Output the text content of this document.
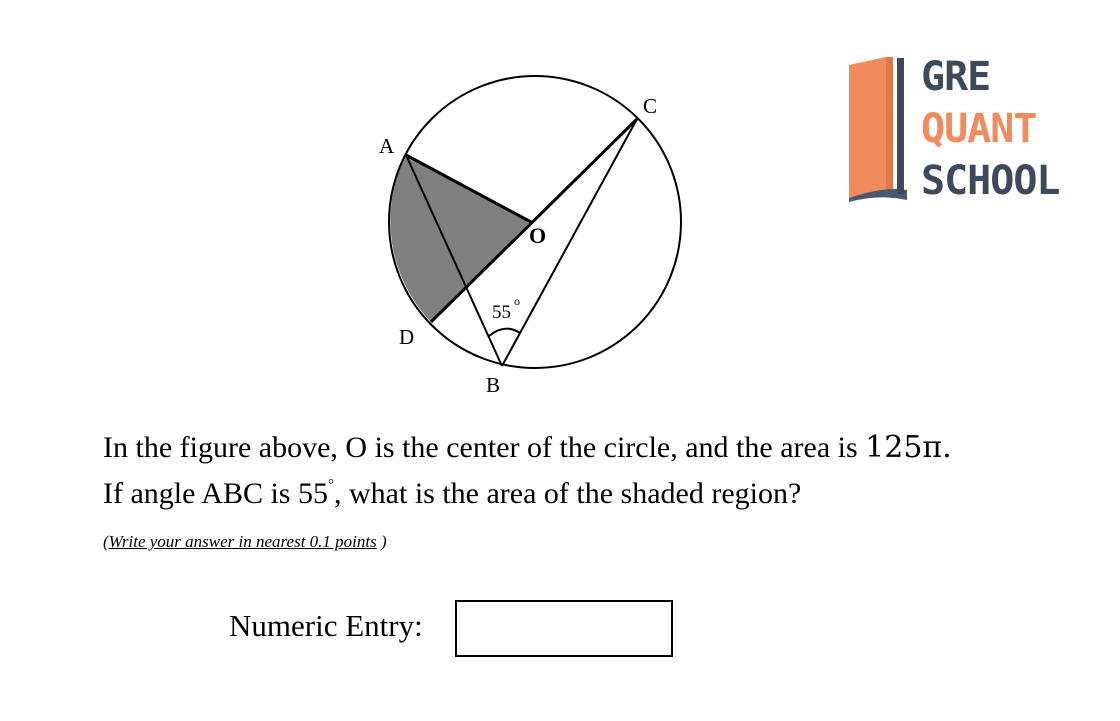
A
C
D
B
O
55
o
GRE
QUANT
SCHOOL
In the figure above, O is the center of the circle, and the area is 125π.
If angle ABC is 55°, what is the area of the shaded region?
(Write your answer in nearest 0.1 points )
Numeric Entry:
